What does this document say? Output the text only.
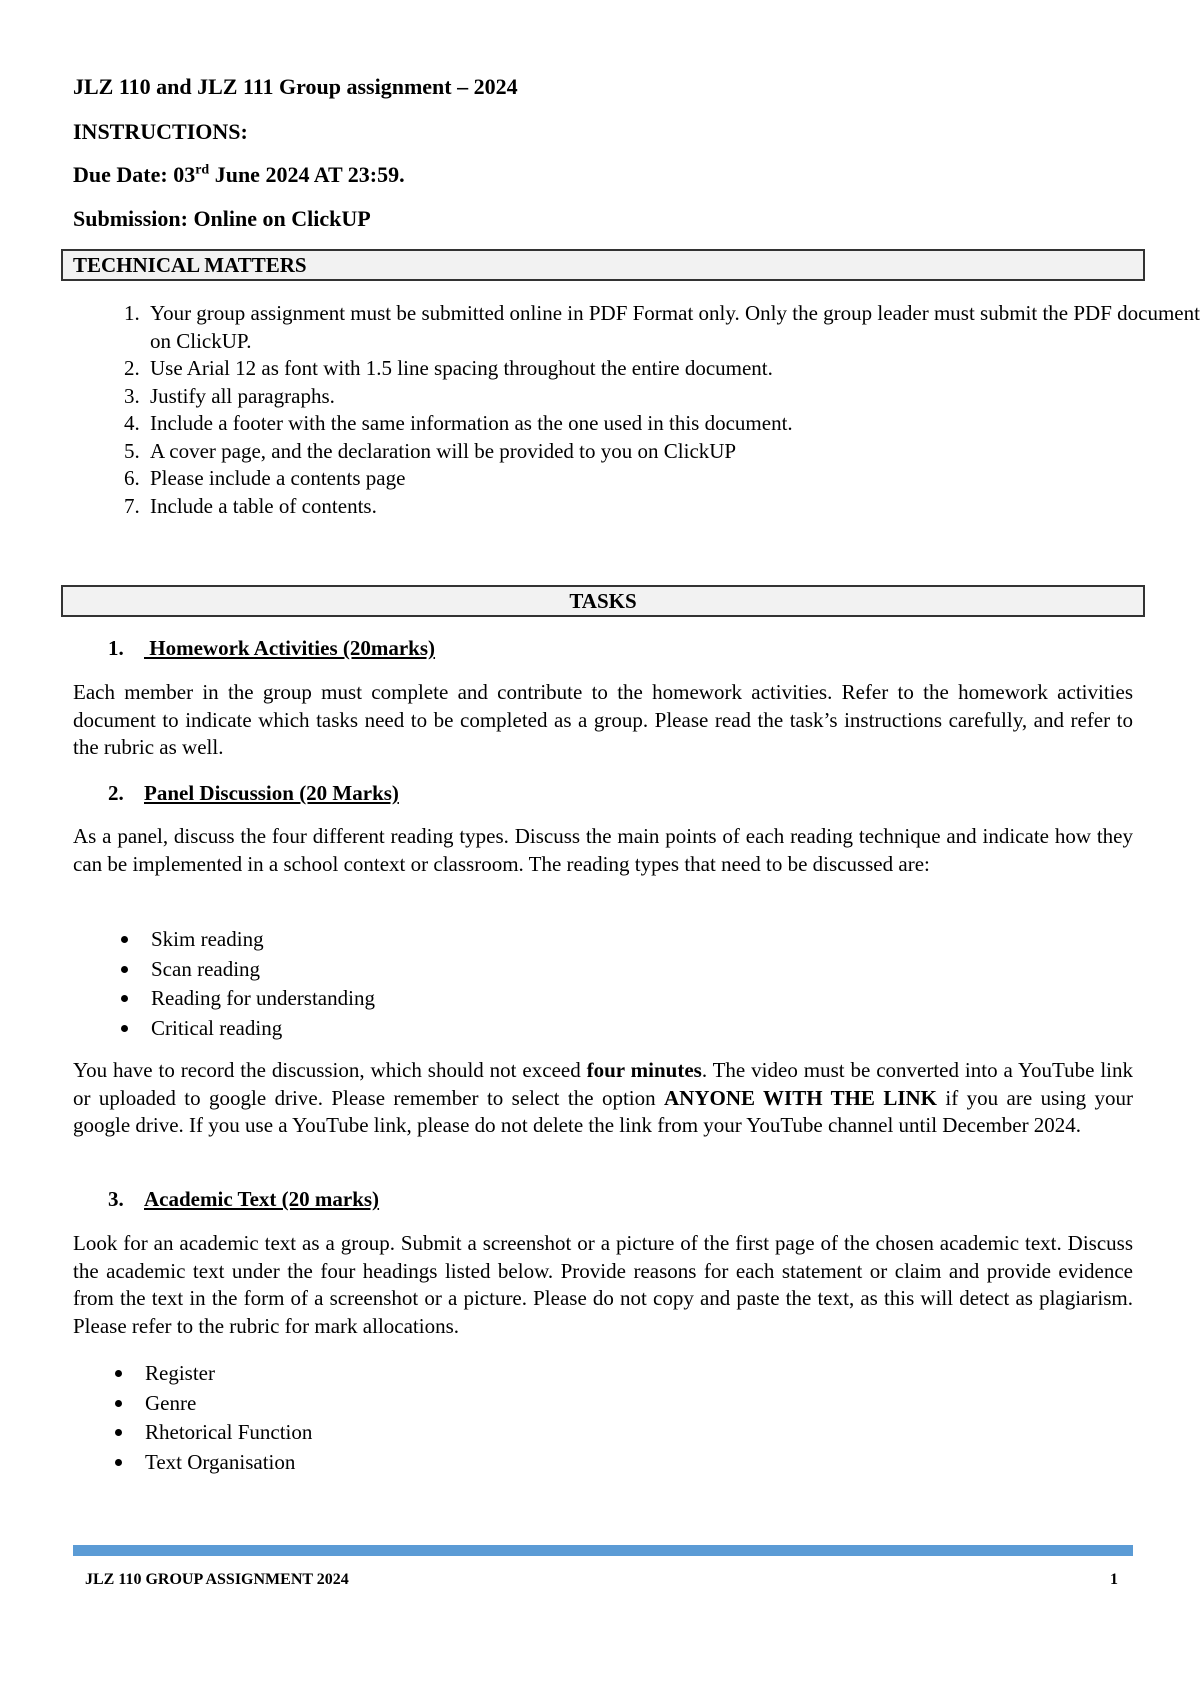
JLZ 110 and JLZ 111 Group assignment – 2024
INSTRUCTIONS:
Due Date: 03rd June 2024 AT 23:59.
Submission: Online on ClickUP
TECHNICAL MATTERS
1. Your group assignment must be submitted online in PDF Format only. Only the group leader must submit the PDF document on ClickUP.
2. Use Arial 12 as font with 1.5 line spacing throughout the entire document.
3. Justify all paragraphs.
4. Include a footer with the same information as the one used in this document.
5. A cover page, and the declaration will be provided to you on ClickUP
6. Please include a contents page
7. Include a table of contents.
TASKS
1. Homework Activities (20marks)

Each member in the group must complete and contribute to the homework activities. Refer to the homework activities document to indicate which tasks need to be completed as a group. Please read the task’s instructions carefully, and refer to the rubric as well.

2. Panel Discussion (20 Marks)

As a panel, discuss the four different reading types. Discuss the main points of each reading technique and indicate how they can be implemented in a school context or classroom. The reading types that need to be discussed are:

Skim reading
Scan reading
Reading for understanding
Critical reading

You have to record the discussion, which should not exceed four minutes. The video must be converted into a YouTube link or uploaded to google drive. Please remember to select the option ANYONE WITH THE LINK if you are using your google drive. If you use a YouTube link, please do not delete the link from your YouTube channel until December 2024.

3. Academic Text (20 marks)

Look for an academic text as a group. Submit a screenshot or a picture of the first page of the chosen academic text. Discuss the academic text under the four headings listed below. Provide reasons for each statement or claim and provide evidence from the text in the form of a screenshot or a picture. Please do not copy and paste the text, as this will detect as plagiarism. Please refer to the rubric for mark allocations.

Register
Genre
Rhetorical Function
Text Organisation
JLZ 110 GROUP ASSIGNMENT 2024	1
